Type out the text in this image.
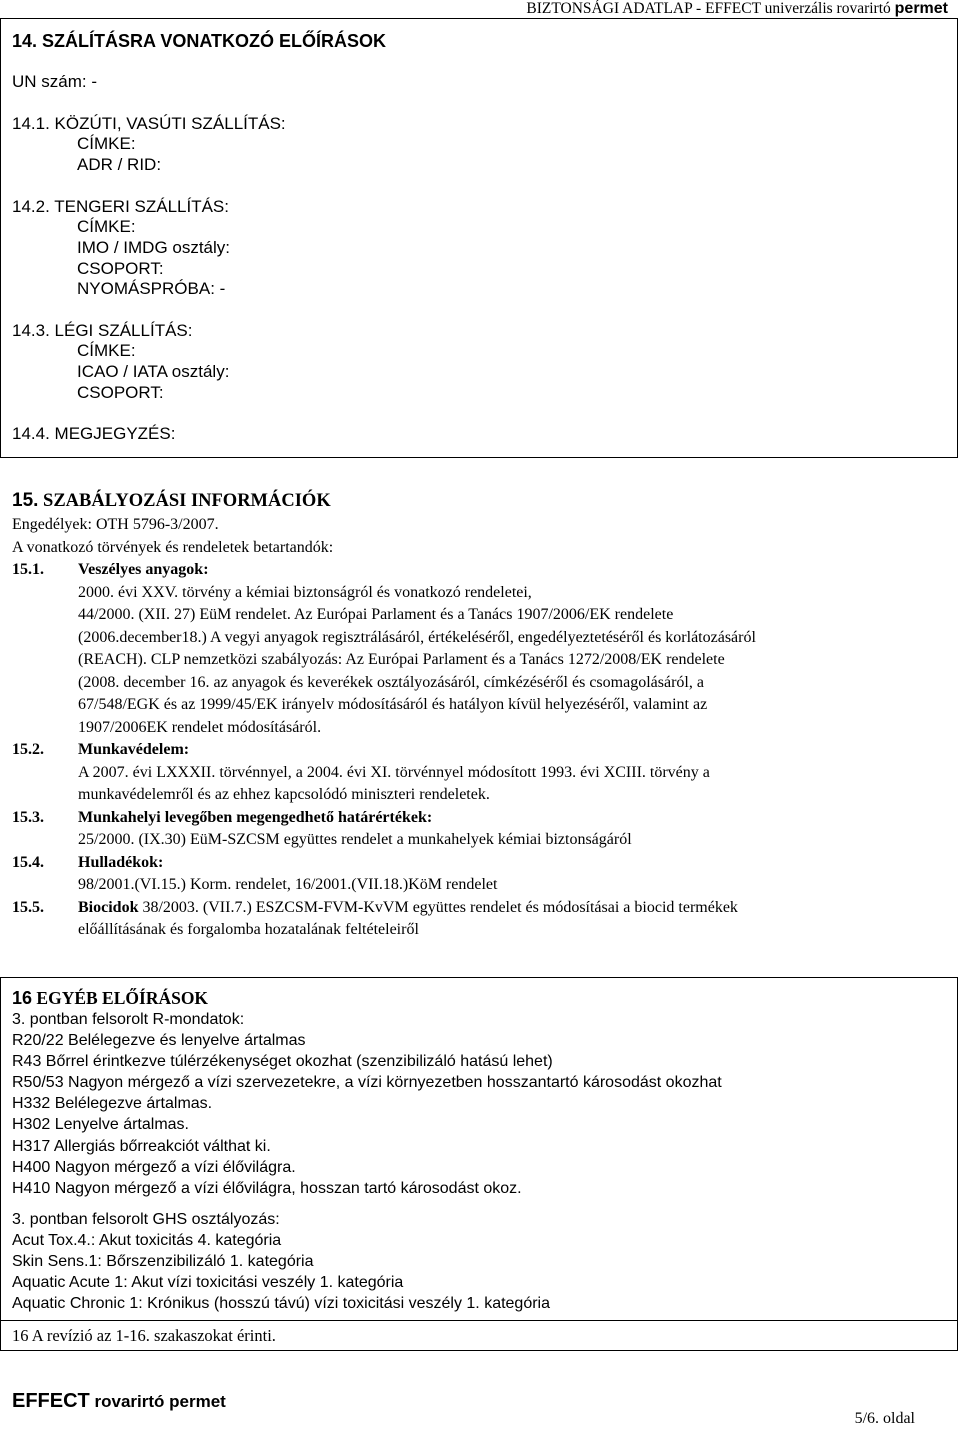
BIZTONSÁGI ADATLAP - EFFECT univerzális rovarirtó permet
14. SZÁLÍTÁSRA VONATKOZÓ ELŐÍRÁSOK
UN szám: -
14.1. KÖZÚTI, VASÚTI SZÁLLÍTÁS:
CÍMKE:
ADR / RID:
14.2. TENGERI SZÁLLÍTÁS:
CÍMKE:
IMO / IMDG osztály:
CSOPORT:
NYOMÁSPRÓBA: -
14.3. LÉGI SZÁLLÍTÁS:
CÍMKE:
ICAO / IATA osztály:
CSOPORT:
14.4. MEGJEGYZÉS:
15. SZABÁLYOZÁSI INFORMÁCIÓK
Engedélyek: OTH 5796-3/2007.
A vonatkozó törvények és rendeletek betartandók:
15.1.	Veszélyes anyagok:
2000. évi XXV. törvény a kémiai biztonságról és vonatkozó rendeletei,
44/2000. (XII. 27) EüM rendelet. Az Európai Parlament és a Tanács 1907/2006/EK rendelete
(2006.december18.) A vegyi anyagok regisztrálásáról, értékeléséről, engedélyeztetéséről és korlátozásáról
(REACH). CLP nemzetközi szabályozás: Az Európai Parlament és a Tanács 1272/2008/EK rendelete
(2008. december 16. az anyagok és keverékek osztályozásáról, címkézéséről és csomagolásáról, a
67/548/EGK és az 1999/45/EK irányelv módosításáról és hatályon kívül helyezéséről, valamint az
1907/2006EK rendelet módosításáról.
15.2.	Munkavédelem:
A 2007. évi LXXXII. törvénnyel, a 2004. évi XI. törvénnyel módosított 1993. évi XCIII. törvény a
munkavédelemről és az ehhez kapcsolódó miniszteri rendeletek.
15.3.	Munkahelyi levegőben megengedhető határértékek:
25/2000. (IX.30) EüM-SZCSM együttes rendelet a munkahelyek kémiai biztonságáról
15.4.	Hulladékok:
98/2001.(VI.15.) Korm. rendelet, 16/2001.(VII.18.)KöM rendelet
15.5.	Biocidok 38/2003. (VII.7.) ESZCSM-FVM-KvVM együttes rendelet és módosításai a biocid termékek
előállításának és forgalomba hozatalának feltételeiről
16 EGYÉB ELŐÍRÁSOK
3. pontban felsorolt R-mondatok:
R20/22 Belélegezve és lenyelve ártalmas
R43 Bőrrel érintkezve túlérzékenységet okozhat (szenzibilizáló hatású lehet)
R50/53 Nagyon mérgező a vízi szervezetekre, a vízi környezetben hosszantartó károsodást okozhat
H332 Belélegezve ártalmas.
H302 Lenyelve ártalmas.
H317 Allergiás bőrreakciót válthat ki.
H400 Nagyon mérgező a vízi élővilágra.
H410 Nagyon mérgező a vízi élővilágra, hosszan tartó károsodást okoz.
3. pontban felsorolt GHS osztályozás:
Acut Tox.4.: Akut toxicitás 4. kategória
Skin Sens.1: Bőrszenzibilizáló 1. kategória
Aquatic Acute 1: Akut vízi toxicitási veszély 1. kategória
Aquatic Chronic 1: Krónikus (hosszú távú) vízi toxicitási veszély 1. kategória
16 A revízió az 1-16. szakaszokat érinti.
EFFECT rovarirtó permet
5/6. oldal
